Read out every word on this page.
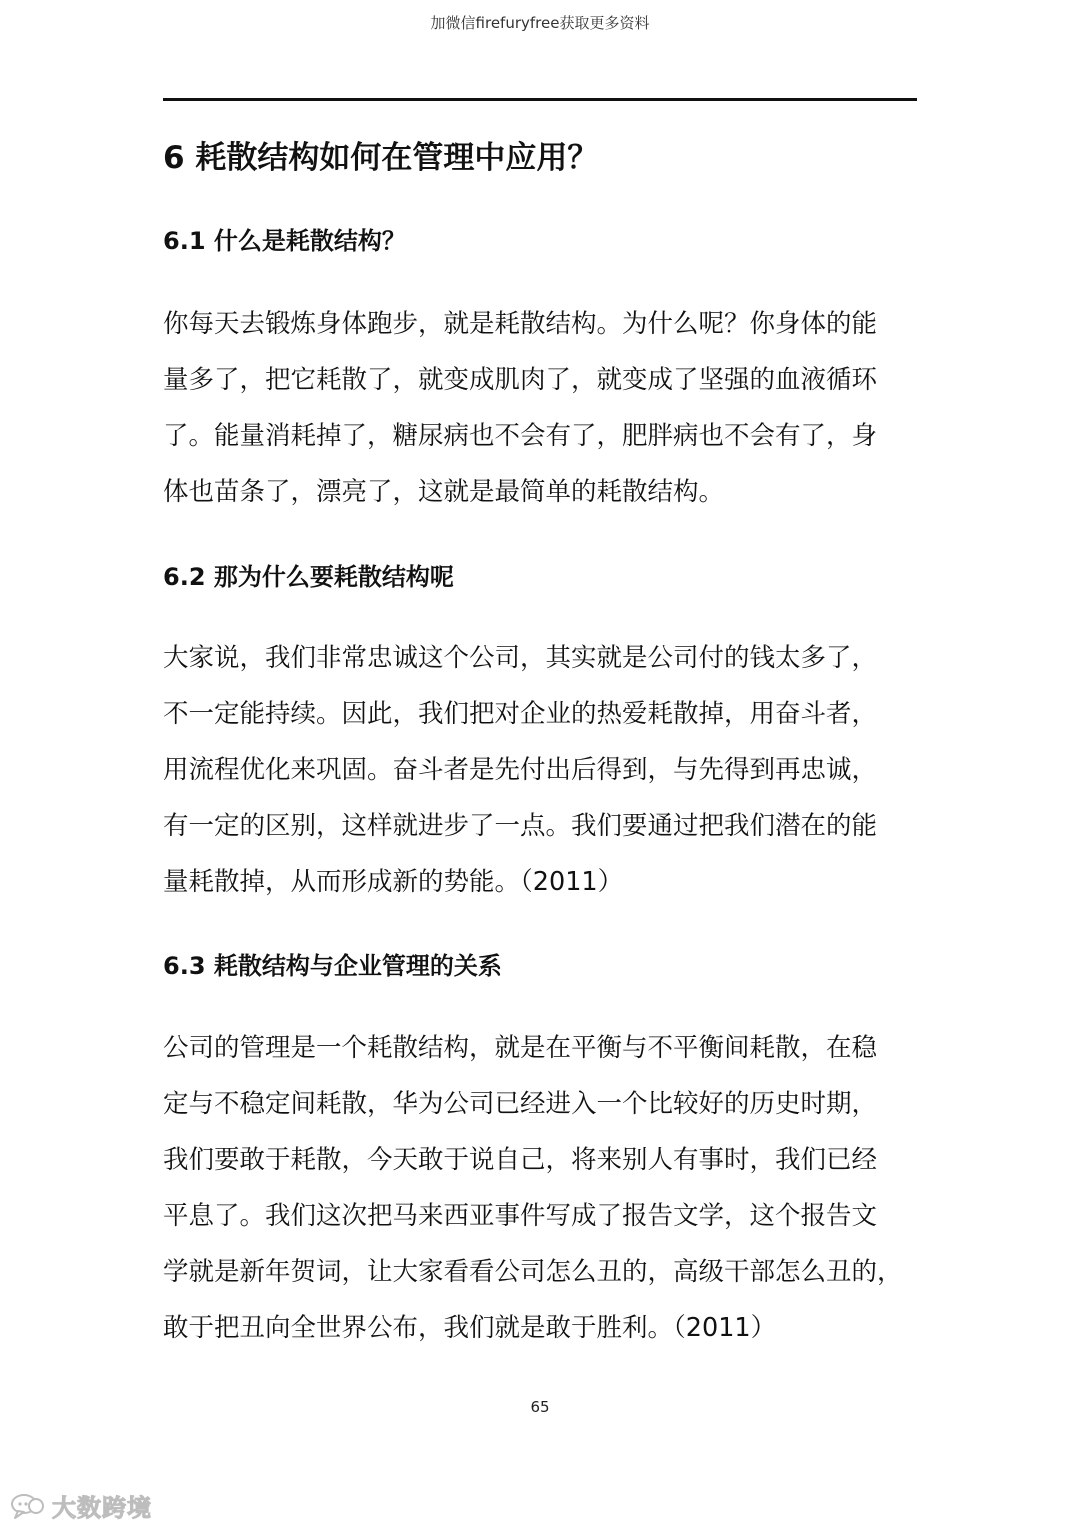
加微信firefuryfree获取更多资料
6 耗散结构如何在管理中应用？
6.1 什么是耗散结构？
你每天去锻炼身体跑步，就是耗散结构。为什么呢？你身体的能
量多了，把它耗散了，就变成肌肉了，就变成了坚强的血液循环
了。能量消耗掉了，糖尿病也不会有了，肥胖病也不会有了，身
体也苗条了，漂亮了，这就是最简单的耗散结构。
6.2 那为什么要耗散结构呢
大家说，我们非常忠诚这个公司，其实就是公司付的钱太多了，
不一定能持续。因此，我们把对企业的热爱耗散掉，用奋斗者，
用流程优化来巩固。奋斗者是先付出后得到，与先得到再忠诚，
有一定的区别，这样就进步了一点。我们要通过把我们潜在的能
量耗散掉，从而形成新的势能。（2011）
6.3 耗散结构与企业管理的关系
公司的管理是一个耗散结构，就是在平衡与不平衡间耗散，在稳
定与不稳定间耗散，华为公司已经进入一个比较好的历史时期，
我们要敢于耗散，今天敢于说自己，将来别人有事时，我们已经
平息了。我们这次把马来西亚事件写成了报告文学，这个报告文
学就是新年贺词，让大家看看公司怎么丑的，高级干部怎么丑的，
敢于把丑向全世界公布，我们就是敢于胜利。（2011）
65
大数跨境
